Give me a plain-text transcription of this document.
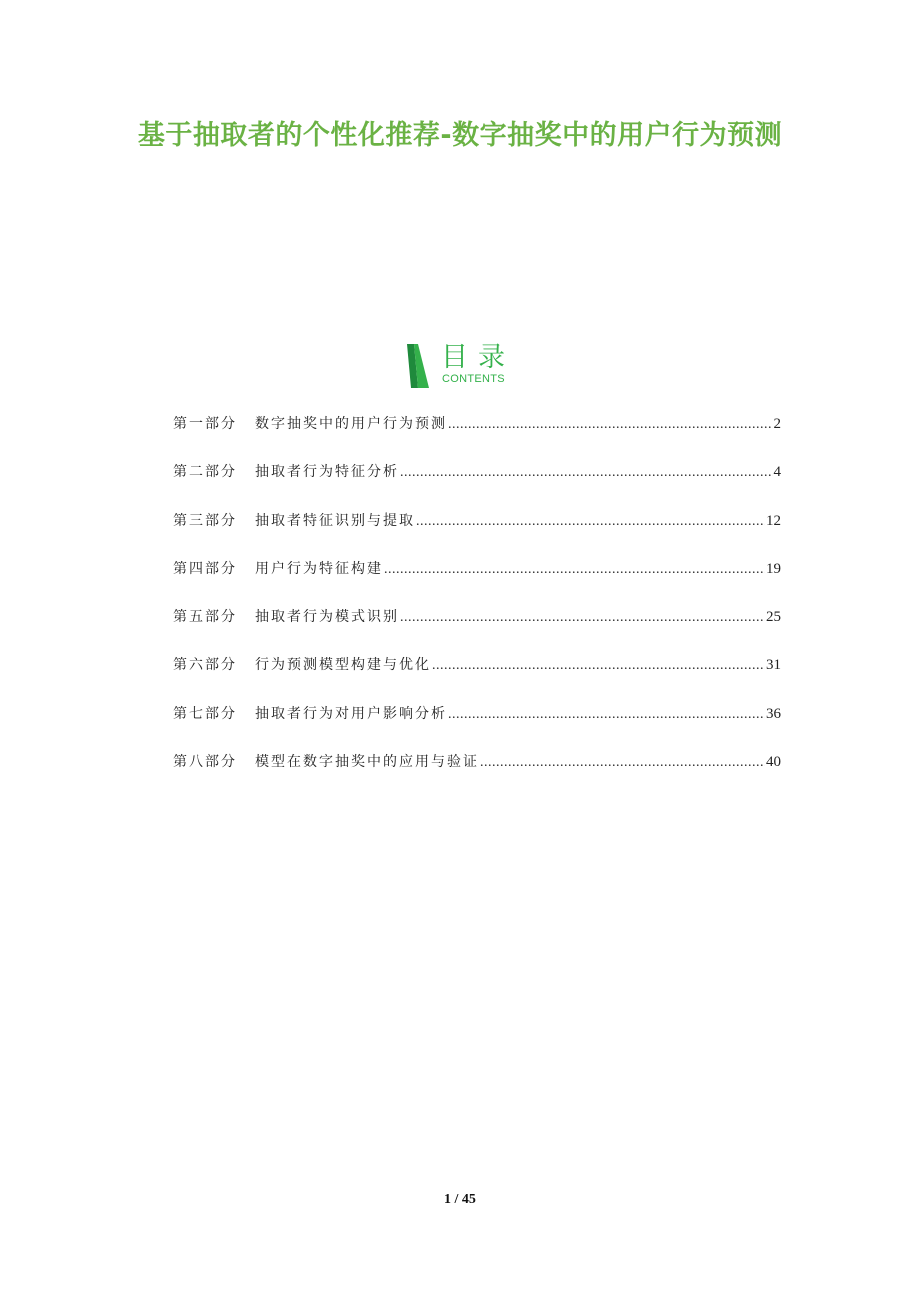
基于抽取者的个性化推荐-数字抽奖中的用户行为预测
目录
CONTENTS
第一部分 数字抽奖中的用户行为预测 .....	2
第二部分 抽取者行为特征分析 .....	4
第三部分 抽取者特征识别与提取 .....	12
第四部分 用户行为特征构建 .....	19
第五部分 抽取者行为模式识别 .....	25
第六部分 行为预测模型构建与优化 .....	31
第七部分 抽取者行为对用户影响分析 .....	36
第八部分 模型在数字抽奖中的应用与验证 .....	40
1 / 45
